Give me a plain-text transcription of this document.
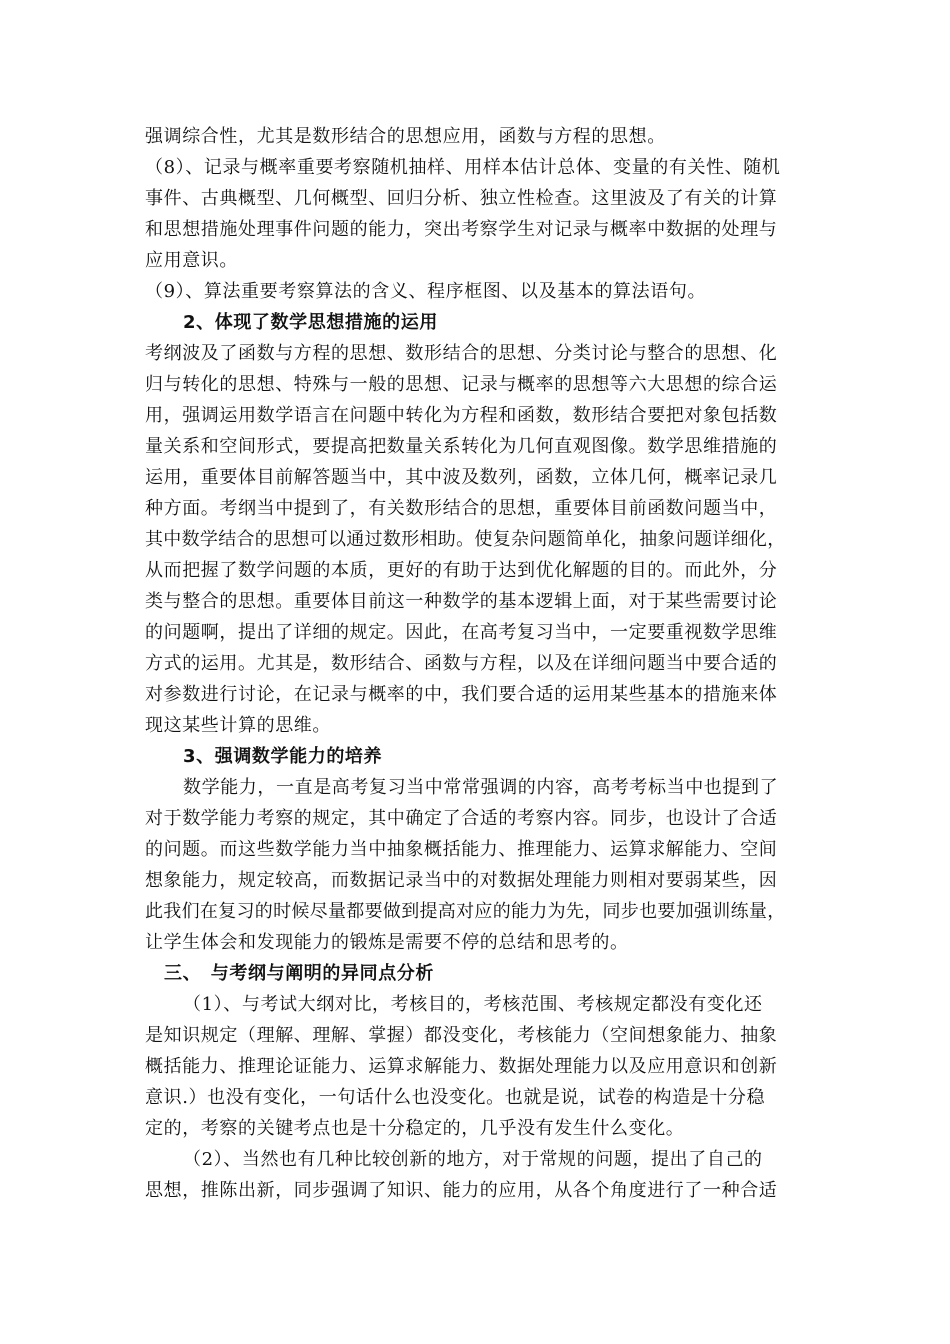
强调综合性，尤其是数形结合的思想应用，函数与方程的思想。
（8）、记录与概率重要考察随机抽样、用样本估计总体、变量的有关性、随机
事件、古典概型、几何概型、回归分析、独立性检查。这里波及了有关的计算
和思想措施处理事件问题的能力，突出考察学生对记录与概率中数据的处理与
应用意识。
（9）、算法重要考察算法的含义、程序框图、以及基本的算法语句。
2、体现了数学思想措施的运用
考纲波及了函数与方程的思想、数形结合的思想、分类讨论与整合的思想、化
归与转化的思想、特殊与一般的思想、记录与概率的思想等六大思想的综合运
用，强调运用数学语言在问题中转化为方程和函数，数形结合要把对象包括数
量关系和空间形式，要提高把数量关系转化为几何直观图像。数学思维措施的
运用，重要体目前解答题当中，其中波及数列，函数，立体几何，概率记录几
种方面。考纲当中提到了，有关数形结合的思想，重要体目前函数问题当中，
其中数学结合的思想可以通过数形相助。使复杂问题简单化，抽象问题详细化，
从而把握了数学问题的本质，更好的有助于达到优化解题的目的。而此外，分
类与整合的思想。重要体目前这一种数学的基本逻辑上面，对于某些需要讨论
的问题啊，提出了详细的规定。因此，在高考复习当中，一定要重视数学思维
方式的运用。尤其是，数形结合、函数与方程，以及在详细问题当中要合适的
对参数进行讨论，在记录与概率的中，我们要合适的运用某些基本的措施来体
现这某些计算的思维。
3、强调数学能力的培养
数学能力，一直是高考复习当中常常强调的内容，高考考标当中也提到了
对于数学能力考察的规定，其中确定了合适的考察内容。同步，也设计了合适
的问题。而这些数学能力当中抽象概括能力、推理能力、运算求解能力、空间
想象能力，规定较高，而数据记录当中的对数据处理能力则相对要弱某些，因
此我们在复习的时候尽量都要做到提高对应的能力为先，同步也要加强训练量，
让学生体会和发现能力的锻炼是需要不停的总结和思考的。
三、　与考纲与阐明的异同点分析
（1）、与考试大纲对比，考核目的，考核范围、考核规定都没有变化还
是知识规定（理解、理解、掌握）都没变化，考核能力（空间想象能力、抽象
概括能力、推理论证能力、运算求解能力、数据处理能力以及应用意识和创新
意识.）也没有变化，一句话什么也没变化。也就是说，试卷的构造是十分稳
定的，考察的关键考点也是十分稳定的，几乎没有发生什么变化。
（2）、当然也有几种比较创新的地方，对于常规的问题，提出了自己的
思想，推陈出新，同步强调了知识、能力的应用，从各个角度进行了一种合适
